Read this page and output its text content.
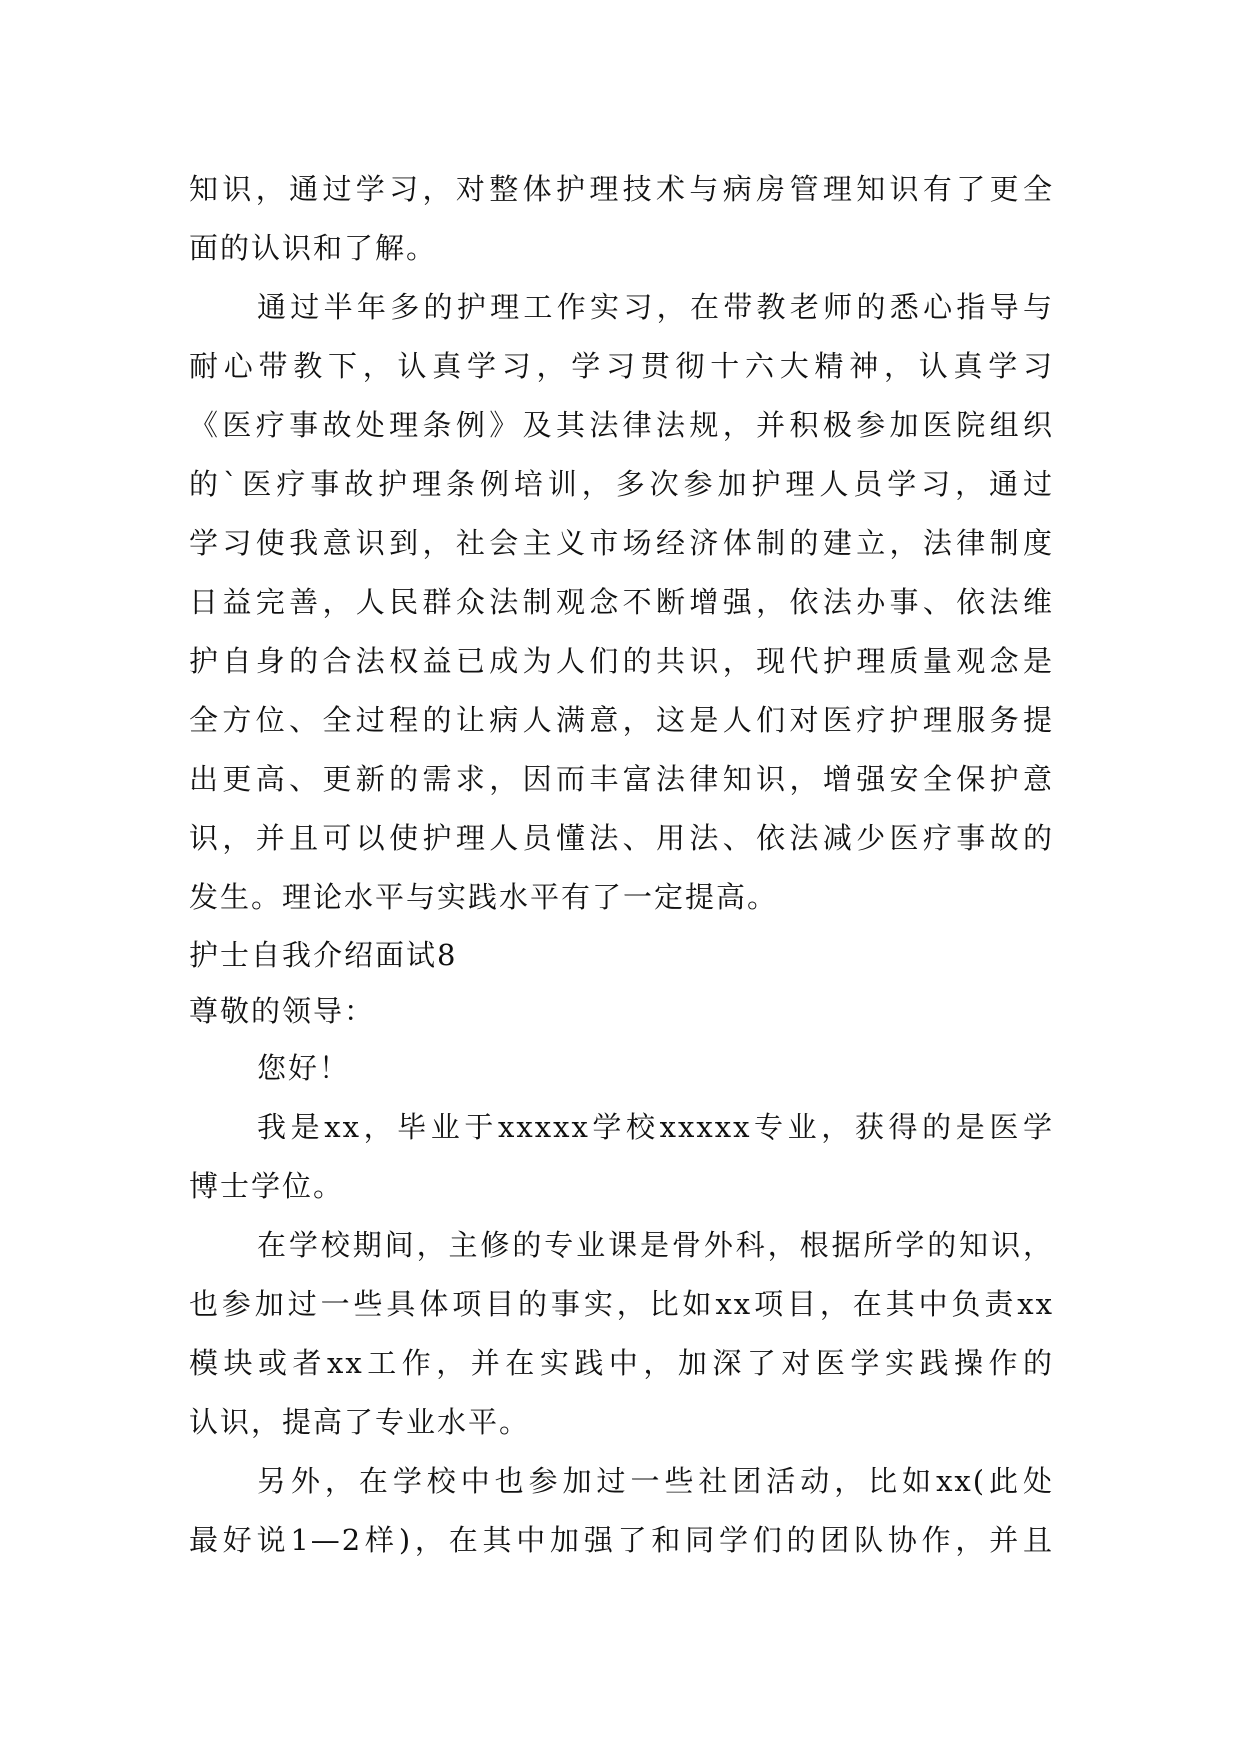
知识，通过学习，对整体护理技术与病房管理知识有了更全
面的认识和了解。
通过半年多的护理工作实习，在带教老师的悉心指导与
耐心带教下，认真学习，学习贯彻十六大精神，认真学习
《医疗事故处理条例》及其法律法规，并积极参加医院组织
的`医疗事故护理条例培训，多次参加护理人员学习，通过
学习使我意识到，社会主义市场经济体制的建立，法律制度
日益完善，人民群众法制观念不断增强，依法办事、依法维
护自身的合法权益已成为人们的共识，现代护理质量观念是
全方位、全过程的让病人满意，这是人们对医疗护理服务提
出更高、更新的需求，因而丰富法律知识，增强安全保护意
识，并且可以使护理人员懂法、用法、依法减少医疗事故的
发生。理论水平与实践水平有了一定提高。
护士自我介绍面试8
尊敬的领导：
您好！
我是xx，毕业于xxxxx学校xxxxx专业，获得的是医学
博士学位。
在学校期间，主修的专业课是骨外科，根据所学的知识，
也参加过一些具体项目的事实，比如xx项目，在其中负责xx
模块或者xx工作，并在实践中，加深了对医学实践操作的
认识，提高了专业水平。
另外，在学校中也参加过一些社团活动，比如xx(此处
最好说1—2样)，在其中加强了和同学们的团队协作，并且
